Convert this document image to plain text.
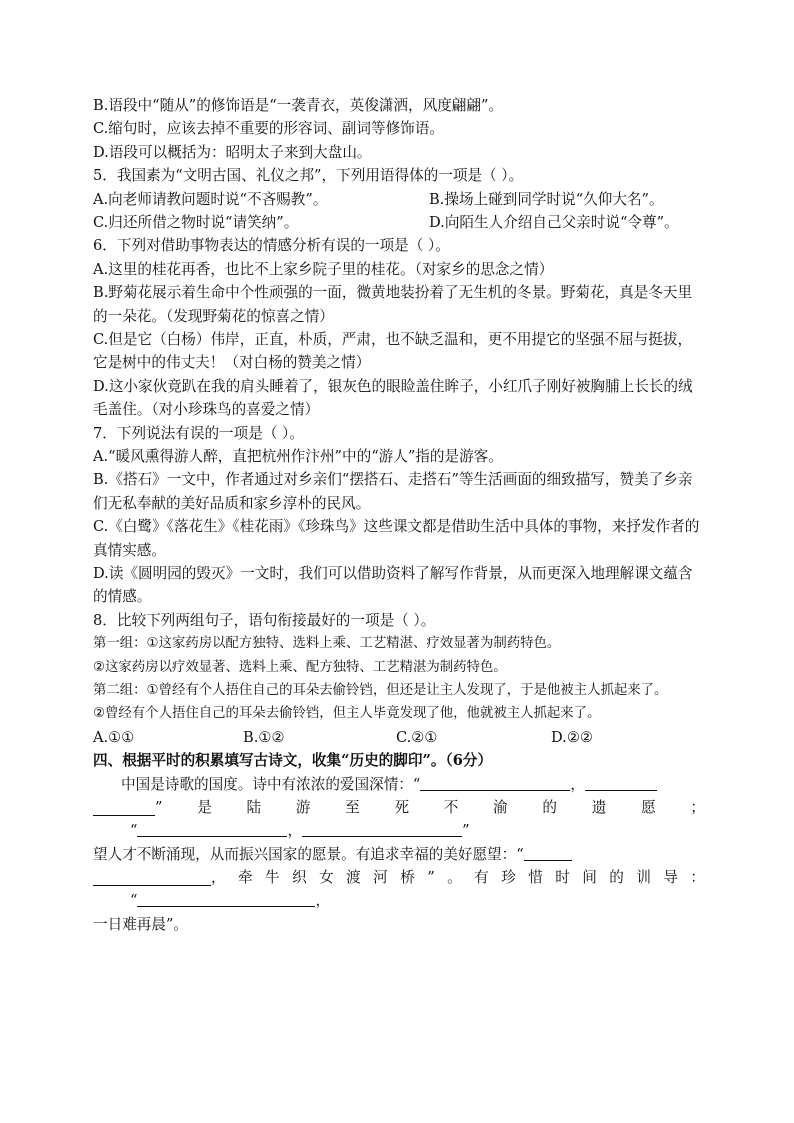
B.语段中“随从”的修饰语是“一袭青衣，英俊潇洒，风度翩翩”。
C.缩句时，应该去掉不重要的形容词、副词等修饰语。
D.语段可以概括为：昭明太子来到大盘山。
5．我国素为“文明古国、礼仪之邦”，下列用语得体的一项是（ ）。
A.向老师请教问题时说“不吝赐教”。	B.操场上碰到同学时说“久仰大名”。
C.归还所借之物时说“请笑纳”。	D.向陌生人介绍自己父亲时说“令尊”。
6．下列对借助事物表达的情感分析有误的一项是（ ）。
A.这里的桂花再香，也比不上家乡院子里的桂花。（对家乡的思念之情）
B.野菊花展示着生命中个性顽强的一面，微黄地装扮着了无生机的冬景。野菊花，真是冬天里的一朵花。（发现野菊花的惊喜之情）
C.但是它（白杨）伟岸，正直，朴质，严肃，也不缺乏温和，更不用提它的坚强不屈与挺拔，它是树中的伟丈夫！（对白杨的赞美之情）
D.这小家伙竟趴在我的肩头睡着了，银灰色的眼睑盖住眸子，小红爪子刚好被胸脯上长长的绒毛盖住。（对小珍珠鸟的喜爱之情）
7．下列说法有误的一项是（ ）。
A.“暖风熏得游人醉，直把杭州作汴州”中的“游人”指的是游客。
B.《搭石》一文中，作者通过对乡亲们“摆搭石、走搭石”等生活画面的细致描写，赞美了乡亲们无私奉献的美好品质和家乡淳朴的民风。
C.《白鹭》《落花生》《桂花雨》《珍珠鸟》这些课文都是借助生活中具体的事物，来抒发作者的真情实感。
D.读《圆明园的毁灭》一文时，我们可以借助资料了解写作背景，从而更深入地理解课文蕴含的情感。
8．比较下列两组句子，语句衔接最好的一项是（ ）。
第一组：①这家药房以配方独特、选料上乘、工艺精湛、疗效显著为制药特色。
②这家药房以疗效显著、选料上乘、配方独特、工艺精湛为制药特色。
第二组：①曾经有个人捂住自己的耳朵去偷铃铛，但还是让主人发现了，于是他被主人抓起来了。
②曾经有个人捂住自己的耳朵去偷铃铛，但主人毕竟发现了他，他就被主人抓起来了。
A.①①	B.①②	C.②①	D.②②
四、根据平时的积累填写古诗文，收集“历史的脚印”。（6分）
中国是诗歌的国度。诗中有浓浓的爱国深情：“	，
”是陆游至死不渝的遗愿；
“	，	”
望人才不断涌现，从而振兴国家的愿景。有追求幸福的美好愿望：“
，牵牛织女渡河桥”。有珍惜时间的训导：
“	，
一日难再晨”。
